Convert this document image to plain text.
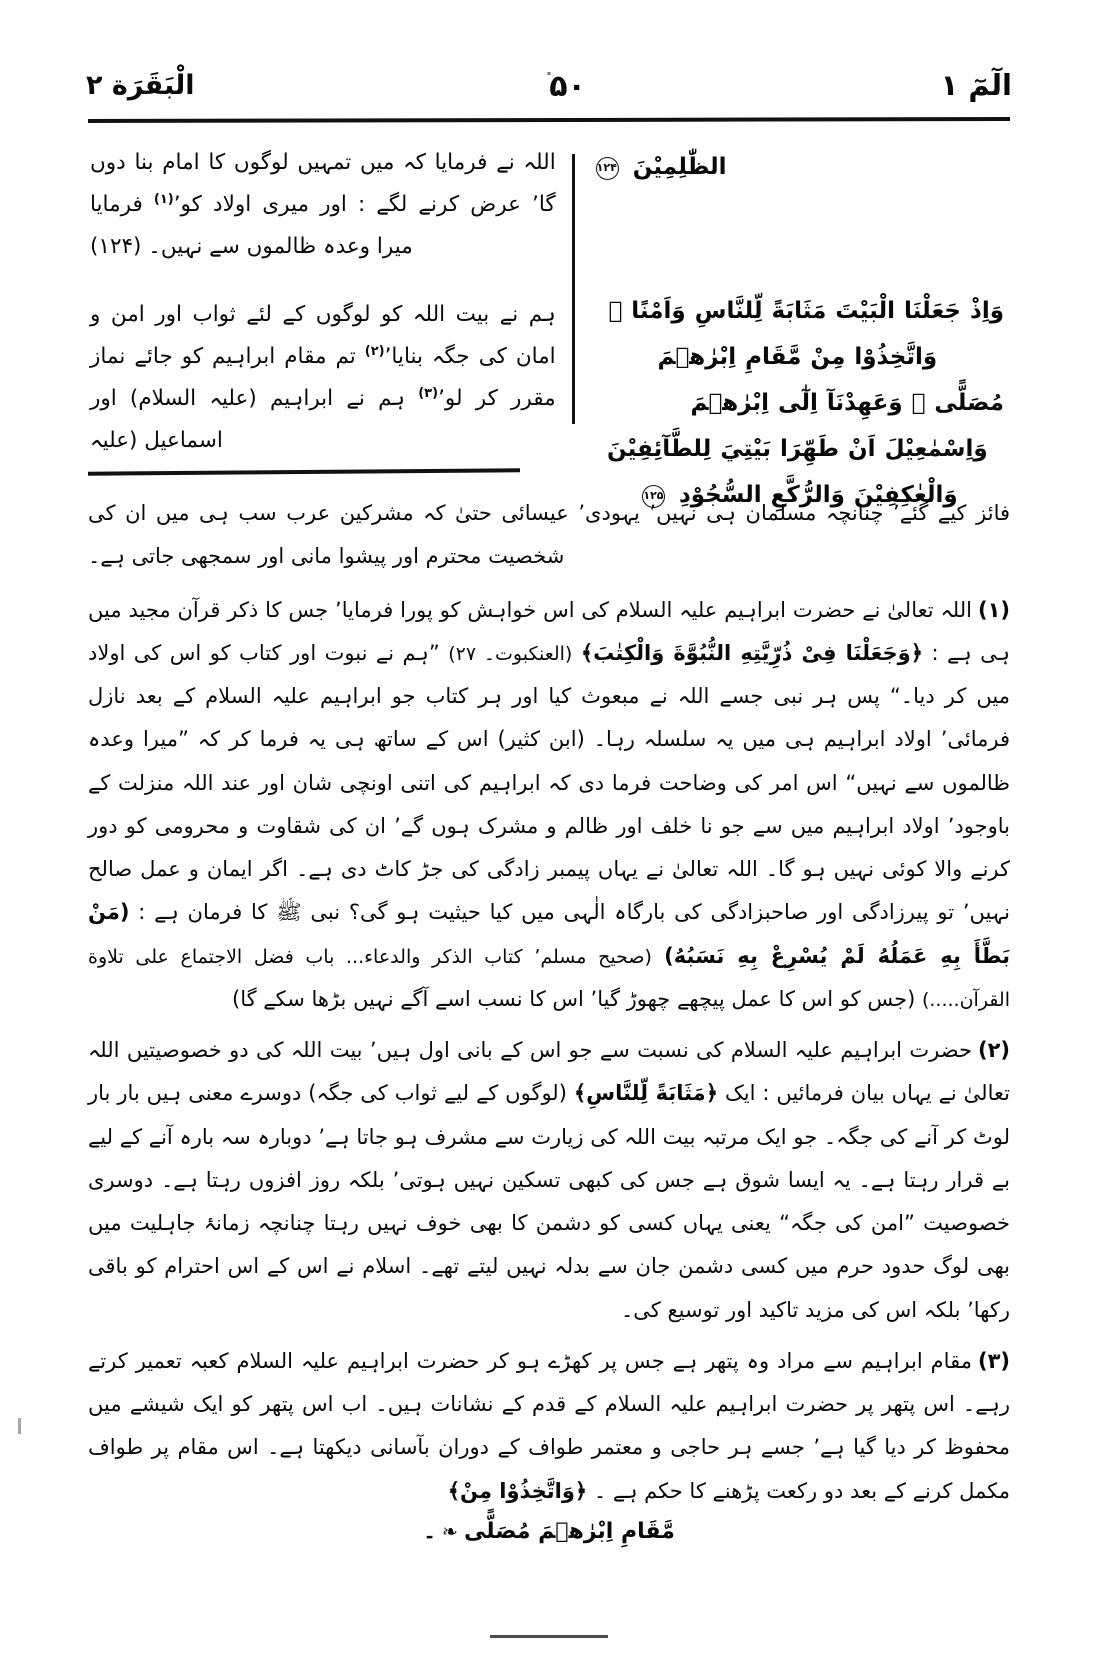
الْبَقَرَة ۲	۵۰	الٓمٓ ١
الظّٰلِمِيْنَ ۱۲۴
وَاِذْ جَعَلْنَا الْبَيْتَ مَثَابَةً لِّلنَّاسِ وَاَمْنًا ۭ وَاتَّخِذُوْا مِنْ مَّقَامِ اِبْرٰهٖمَ
مُصَلًّى ۭ وَعَهِدْنَآ اِلٰٓى اِبْرٰهٖمَ وَاِسْمٰعِيْلَ اَنْ طَهِّرَا بَيْتِيَ لِلطَّآئِفِيْنَ
وَالْعٰكِفِيْنَ وَالرُّكَّعِ السُّجُوْدِ ۱۲۵
اللہ نے فرمایا کہ میں تمہیں لوگوں کا امام بنا دوں گا٬ عرض کرنے لگے : اور میری اولاد کو٬$^{(۱)}$ فرمایا میرا وعدہ ظالموں سے نہیں۔ (۱۲۴)
ہم نے بیت اللہ کو لوگوں کے لئے ثواب اور امن و امان کی جگہ بنایا٬$^{(۲)}$ تم مقام ابراہیم کو جائے نماز مقرر کر لو٬$^{(۳)}$ ہم نے ابراہیم (علیہ السلام) اور اسماعیل (علیہ

فائز کیے گئے٬ چنانچہ مسلمان ہی نہیں٬ یہودی٬ عیسائی حتیٰ کہ مشرکین عرب سب ہی میں ان کی شخصیت محترم اور پیشوا مانی اور سمجھی جاتی ہے۔

(۱)اللہ تعالیٰ نے حضرت ابراہیم علیہ السلام کی اس خواہش کو پورا فرمایا٬ جس کا ذکر قرآن مجید میں ہی ہے : ﴿ وَجَعَلْنَا فِىْ ذُرِّيَّتِهِ النُّبُوَّةَ وَالْكِتٰبَ ﴾ (العنکبوت۔ ۲۷) ”ہم نے نبوت اور کتاب کو اس کی اولاد میں کر دیا۔“ پس ہر نبی جسے اللہ نے مبعوث کیا اور ہر کتاب جو ابراہیم علیہ السلام کے بعد نازل فرمائی٬ اولاد ابراہیم ہی میں یہ سلسلہ رہا۔ (ابن کثیر) اس کے ساتھ ہی یہ فرما کر کہ ”میرا وعدہ ظالموں سے نہیں“ اس امر کی وضاحت فرما دی کہ ابراہیم کی اتنی اونچی شان اور عند اللہ منزلت کے باوجود٬ اولاد ابراہیم میں سے جو نا خلف اور ظالم و مشرک ہوں گے٬ ان کی شقاوت و محرومی کو دور کرنے والا کوئی نہیں ہو گا۔ اللہ تعالیٰ نے یہاں پیمبر زادگی کی جڑ کاٹ دی ہے۔ اگر ایمان و عمل صالح نہیں٬ تو پیرزادگی اور صاحبزادگی کی بارگاہ الٰہی میں کیا حیثیت ہو گی؟ نبی ﷺ کا فرمان ہے : (مَنْ بَطَّأَ بِهِ عَمَلُهُ لَمْ يُسْرِعْ بِهِ نَسَبُهُ) (صحیح مسلم٬ کتاب الذکر والدعاء... باب فضل الاجتماع علی تلاوة القرآن.....) (جس کو اس کا عمل پیچھے چھوڑ گیا٬ اس کا نسب اسے آگے نہیں بڑھا سکے گا)

(۲)حضرت ابراہیم علیہ السلام کی نسبت سے جو اس کے بانی اول ہیں٬ بیت اللہ کی دو خصوصیتیں اللہ تعالیٰ نے یہاں بیان فرمائیں : ایک ﴿ مَثَابَةً لِّلنَّاسِ ﴾ (لوگوں کے لیے ثواب کی جگہ) دوسرے معنی ہیں بار بار لوٹ کر آنے کی جگہ۔ جو ایک مرتبہ بیت اللہ کی زیارت سے مشرف ہو جاتا ہے٬ دوبارہ سہ بارہ آنے کے لیے بے قرار رہتا ہے۔ یہ ایسا شوق ہے جس کی کبھی تسکین نہیں ہوتی٬ بلکہ روز افزوں رہتا ہے۔ دوسری خصوصیت ”امن کی جگہ“ یعنی یہاں کسی کو دشمن کا بھی خوف نہیں رہتا چنانچہ زمانۂ جاہلیت میں بھی لوگ حدود حرم میں کسی دشمن جان سے بدلہ نہیں لیتے تھے۔ اسلام نے اس کے اس احترام کو باقی رکھا٬ بلکہ اس کی مزید تاکید اور توسیع کی۔

(۳)مقام ابراہیم سے مراد وہ پتھر ہے جس پر کھڑے ہو کر حضرت ابراہیم علیہ السلام کعبہ تعمیر کرتے رہے۔ اس پتھر پر حضرت ابراہیم علیہ السلام کے قدم کے نشانات ہیں۔ اب اس پتھر کو ایک شیشے میں محفوظ کر دیا گیا ہے٬ جسے ہر حاجی و معتمر طواف کے دوران بآسانی دیکھتا ہے۔ اس مقام پر طواف مکمل کرنے کے بعد دو رکعت پڑھنے کا حکم ہے ۔ ﴿ وَاتَّخِذُوْا مِنْ ﴾

مَّقَامِ اِبْرٰهٖمَ مُصَلًّى❧۔
